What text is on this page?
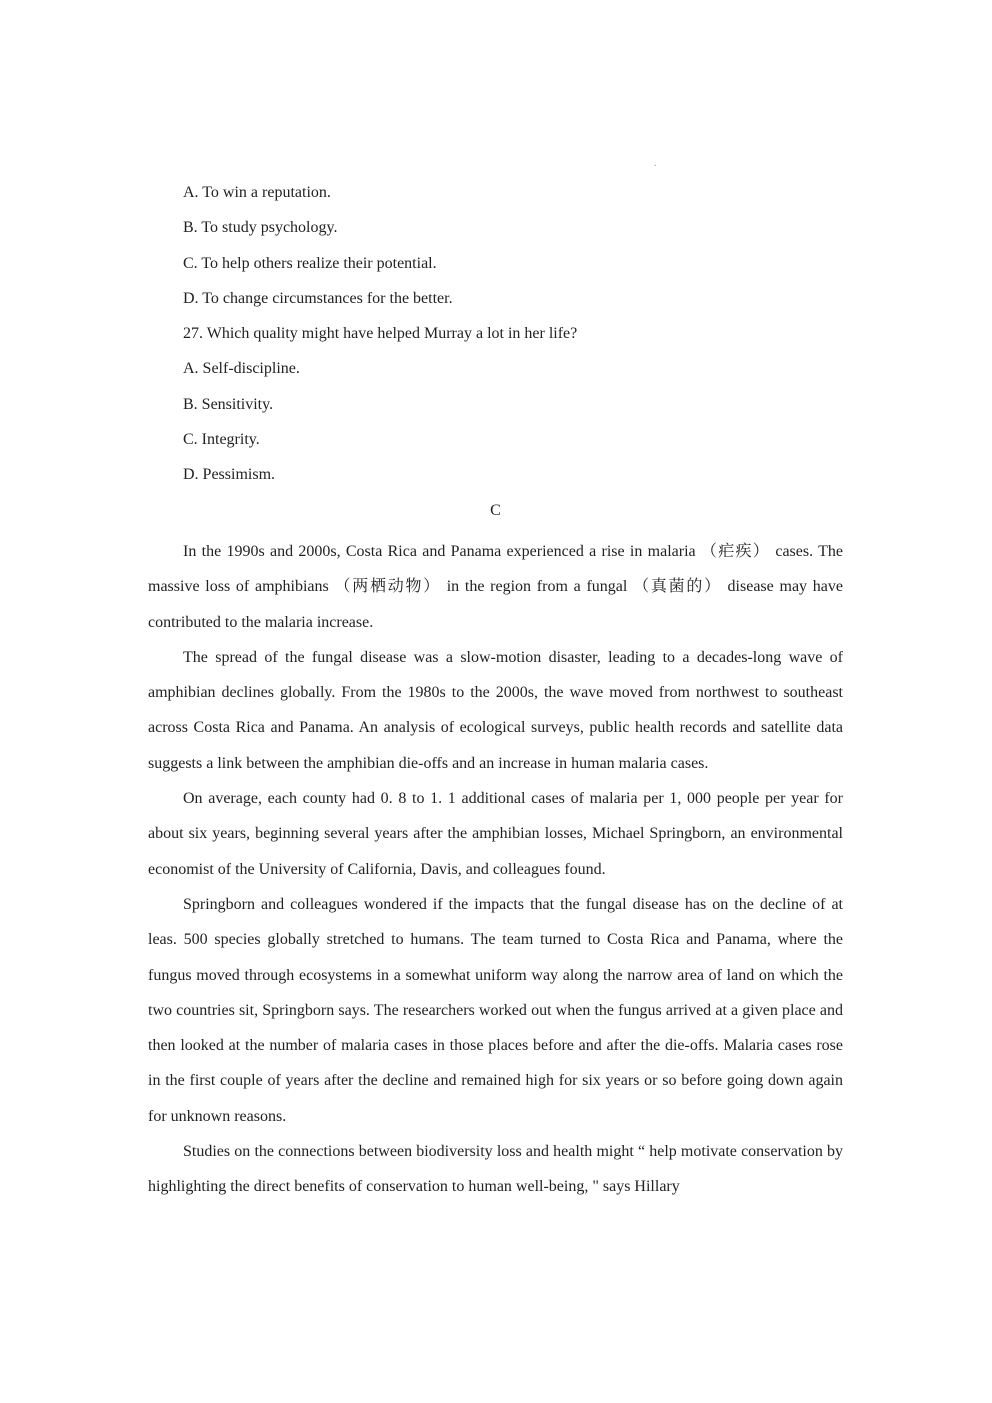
.
A. To win a reputation.
B. To study psychology.
C. To help others realize their potential.
D. To change circumstances for the better.
27. Which quality might have helped Murray a lot in her life?
A. Self-discipline.
B. Sensitivity.
C. Integrity.
D. Pessimism.
C

In the 1990s and 2000s, Costa Rica and Panama experienced a rise in malaria （疟疾） cases. The massive loss of amphibians （两栖动物） in the region from a fungal （真菌的） disease may have contributed to the malaria increase.

The spread of the fungal disease was a slow-motion disaster, leading to a decades-long wave of amphibian declines globally. From the 1980s to the 2000s, the wave moved from northwest to southeast across Costa Rica and Panama. An analysis of ecological surveys, public health records and satellite data suggests a link between the amphibian die-offs and an increase in human malaria cases.

On average, each county had 0. 8 to 1. 1 additional cases of malaria per 1, 000 people per year for about six years, beginning several years after the amphibian losses, Michael Springborn, an environmental economist of the University of California, Davis, and colleagues found.

Springborn and colleagues wondered if the impacts that the fungal disease has on the decline of at leas. 500 species globally stretched to humans. The team turned to Costa Rica and Panama, where the fungus moved through ecosystems in a somewhat uniform way along the narrow area of land on which the two countries sit, Springborn says. The researchers worked out when the fungus arrived at a given place and then looked at the number of malaria cases in those places before and after the die-offs. Malaria cases rose in the first couple of years after the decline and remained high for six years or so before going down again for unknown reasons.

Studies on the connections between biodiversity loss and health might “ help motivate conservation by highlighting the direct benefits of conservation to human well-being, " says Hillary
